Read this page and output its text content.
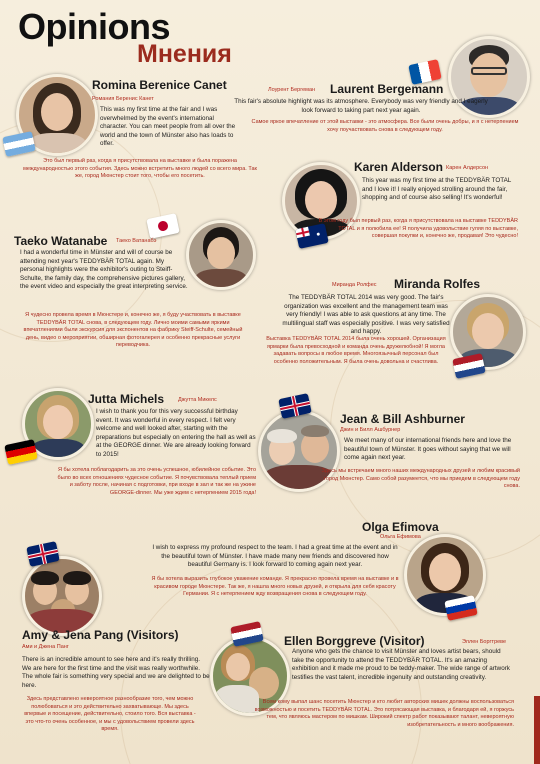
Opinions
Мнения
Romina Berenice Canet
Романия Беренис Канет
This was my first time at the fair and I was overwhelmed by the event's international character. You can meet people from all over the world and the town of Münster also has loads to offer.
Это был первый раз, когда я присутствовала на выставке и была поражена международностью этого события. Здесь можно встретить много людей со всего мира. Так же, город Мюнстер стоит того, чтобы его посетить.
Лоурент Бергеман Laurent Bergemann
This fair's absolute highlight was its atmosphere. Everybody was very friendly and I eagerly look forward to taking part next year again.
Самое яркое впечатление от этой выставки - это атмосфера. Все были очень добры, и я с нетерпением хочу поучаствовать снова в следующем году.
Karen Alderson Карен Алдерсон
This year was my first time at the TEDDYBÄR TOTAL and I love it! I really enjoyed strolling around the fair, shopping and of course also selling! It's wonderful!
В этом году был первый раз, когда я присутствовала на выставке TEDDYBÄR TOTAL и я полюбила ее! Я получила удовольствие гуляя по выставке, совершая покупки и, конечно же, продавая! Это чудесно!
Taeko Watanabe Таеко Ватанабэ
I had a wonderful time in Münster and will of course be attending next year's TEDDYBÄR TOTAL again. My personal highlights were the exhibitor's outing to Steiff-Schulte, the family day, the comprehensive pictures gallery, the event video and especially the great interpreting service.
Я чудесно провела время в Мюнстере и, конечно же, я буду участвовать в выставке TEDDYBÄR TOTAL снова, в следующем году. Лично моими самыми яркими впечатлениями были экскурсия для экспонентов на фабрику Steiff-Schulte, семейный день, видео о мероприятии, обширная фотогалерея и особенно прекрасные услуги переводчика.
Миранда Ролфес Miranda Rolfes
The TEDDYBÄR TOTAL 2014 was very good. The fair's organization was excellent and the management team was very friendly! I was able to ask questions at any time. The multilingual staff was especially positive. I was very satisfied and happy.
Выставка TEDDYBÄR TOTAL 2014 была очень хорошей. Организация ярмарки была превосходной и команда очень дружелюбной! Я могла задавать вопросы в любое время. Многоязычный персонал был особенно положительным. Я была очень довольна и счастлива.
Jutta Michels	Джутта Микелс
I wish to thank you for this very successful birthday event. It was wonderful in every respect. I felt very welcome and well looked after, starting with the preparations but especially on entering the hall as well as at the GEORGE dinner. We are already looking forward to 2015!
Я бы хотела поблагодарить за это очень успешное, юбилейное событие. Это было во всех отношениях чудесное событие. Я почувствовала теплый прием и заботу после, начиная с подготовки, при входе в зал и так же на ужине GEORGE-dinner. Мы уже ждем с нетерпением 2015 года!
Jean & Bill Ashburner
Джин и Билл Ашбурнер
We meet many of our international friends here and love the beautiful town of Münster. It goes without saying that we will come again next year.
Здесь мы встречаем много наших международных друзей и любим красивый город Мюнстер. Само собой разумеется, что мы приедем в следующем году снова.
Olga Efimova
Ольга Ефимова
I wish to express my profound respect to the team. I had a great time at the event and in the beautiful town of Münster. I have made many new friends and discovered how beautiful Germany is. I look forward to coming again next year.
Я бы хотела выразить глубокое уважение команде. Я прекрасно провела время на выставке и в красивом городе Мюнстере. Так же, я нашла много новых друзей, и открыла для себя красоту Германии. Я с нетерпением жду возвращения снова в следующем году.
Amy & Jena Pang (Visitors)
Ами и Джена Панг
There is an incredible amount to see here and it's really thrilling. We are here for the first time and the visit was really worthwhile. The whole fair is something very special and we are delighted to be here.
Здесь представлено невероятное разнообразие того, чем можно полюбоваться и это действительно захватывающе. Мы здесь впервые и посещение, действительно, стоило того. Вся выставка - это что-то очень особенное, и мы с удовольствием провели здесь время.
Ellen Borggreve (Visitor)	Эллен Боргтреве
Anyone who gets the chance to visit Münster and loves artist bears, should take the opportunity to attend the TEDDYBÄR TOTAL. It's an amazing exhibition and it made me proud to be teddy-maker. The wide range of artwork testifies the vast talent, incredible ingenuity and outstanding creativity.
Всем кому выпал шанс посетить Мюнстер и кто любит авторских мишек должны воспользоваться возможностью и посетить TEDDYBÄR TOTAL. Это потрясающая выставка, и благодаря ей, я горжусь тем, что являюсь мастером по мишкам. Широкий спектр работ показывают талант, невероятную изобретательность и много воображения.
